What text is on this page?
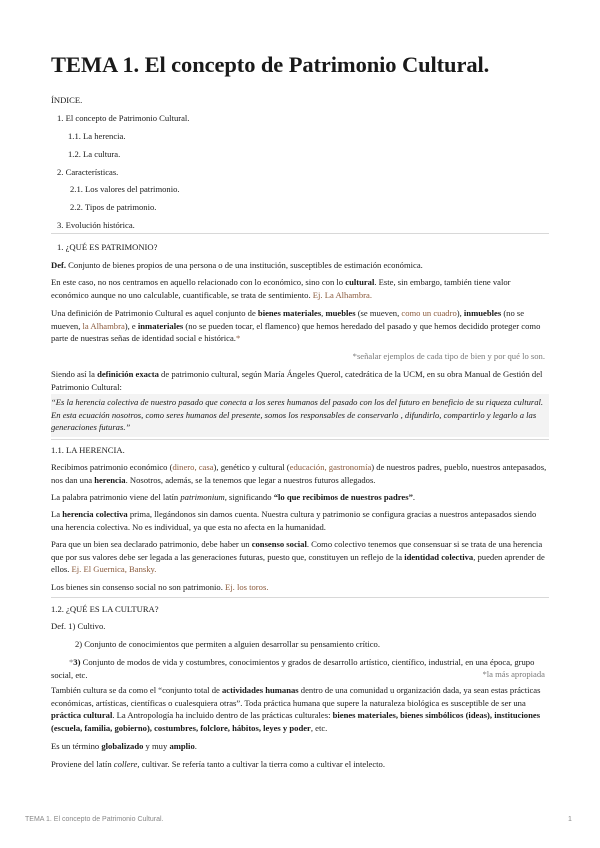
TEMA 1. El concepto de Patrimonio Cultural.
ÍNDICE.
1. El concepto de Patrimonio Cultural.
1.1. La herencia.
1.2. La cultura.
2. Características.
2.1. Los valores del patrimonio.
2.2. Tipos de patrimonio.
3. Evolución histórica.
1. ¿QUÉ ES PATRIMONIO?
Def. Conjunto de bienes propios de una persona o de una institución, susceptibles de estimación económica.
En este caso, no nos centramos en aquello relacionado con lo económico, sino con lo cultural. Este, sin embargo, también tiene valor económico aunque no uno calculable, cuantificable, se trata de sentimiento. Ej. La Alhambra.
Una definición de Patrimonio Cultural es aquel conjunto de bienes materiales, muebles (se mueven, como un cuadro), inmuebles (no se mueven, la Alhambra), e inmateriales (no se pueden tocar, el flamenco) que hemos heredado del pasado y que hemos decidido proteger como parte de nuestras señas de identidad social e histórica.*
*señalar ejemplos de cada tipo de bien y por qué lo son.
Siendo así la definición exacta de patrimonio cultural, según María Ángeles Querol, catedrática de la UCM, en su obra Manual de Gestión del Patrimonio Cultural:
“Es la herencia colectiva de nuestro pasado que conecta a los seres humanos del pasado con los del futuro en beneficio de su riqueza cultural. En esta ecuación nosotros, como seres humanos del presente, somos los responsables de conservarlo , difundirlo, compartirlo y legarlo a las generaciones futuras.”
1.1. LA HERENCIA.
Recibimos patrimonio económico (dinero, casa), genético y cultural (educación, gastronomía) de nuestros padres, pueblo, nuestros antepasados, nos dan una herencia. Nosotros, además, se la tenemos que legar a nuestros futuros allegados.
La palabra patrimonio viene del latín patrimonium, significando “lo que recibimos de nuestros padres”.
La herencia colectiva prima, llegándonos sin damos cuenta. Nuestra cultura y patrimonio se configura gracias a nuestros antepasados siendo una herencia colectiva. No es individual, ya que esta no afecta en la humanidad.
Para que un bien sea declarado patrimonio, debe haber un consenso social. Como colectivo tenemos que consensuar si se trata de una herencia que por sus valores debe ser legada a las generaciones futuras, puesto que, constituyen un reflejo de la identidad colectiva, pueden aprender de ellos. Ej. El Guernica, Bansky.
Los bienes sin consenso social no son patrimonio. Ej. los toros.
1.2. ¿QUÉ ES LA CULTURA?
Def. 1) Cultivo.
2) Conjunto de conocimientos que permiten a alguien desarrollar su pensamiento crítico.
*3) Conjunto de modos de vida y costumbres, conocimientos y grados de desarrollo artístico, científico, industrial, en una época, grupo social, etc.	*la más apropiada
También cultura se da como el “conjunto total de actividades humanas dentro de una comunidad u organización dada, ya sean estas prácticas económicas, artísticas, científicas o cualesquiera otras”. Toda práctica humana que supere la naturaleza biológica es susceptible de ser una práctica cultural. La Antropología ha incluido dentro de las prácticas culturales: bienes materiales, bienes simbólicos (ideas), instituciones (escuela, familia, gobierno), costumbres, folclore, hábitos, leyes y poder, etc.
Es un término globalizado y muy amplio.
Proviene del latín collere, cultivar. Se refería tanto a cultivar la tierra como a cultivar el intelecto.
TEMA 1. El concepto de Patrimonio Cultural.	1
